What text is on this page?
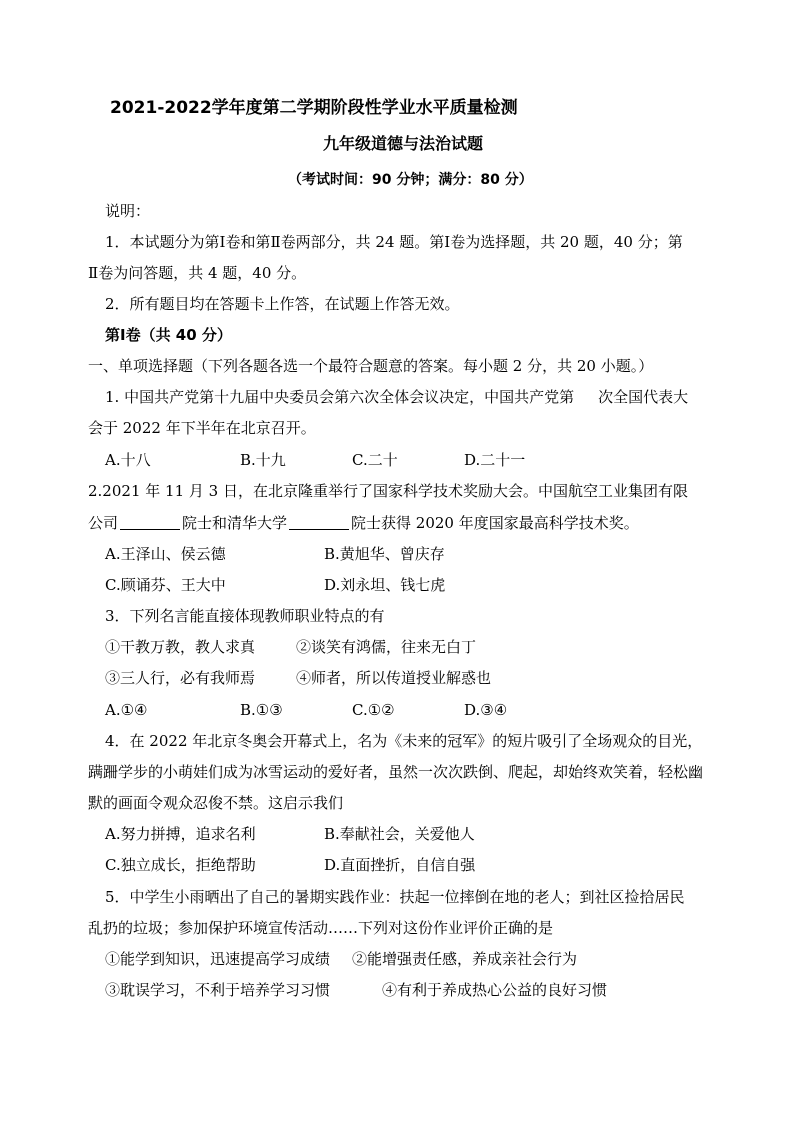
2021-2022学年度第二学期阶段性学业水平质量检测
九年级道德与法治试题
（考试时间：90 分钟；满分：80 分）
说明：
1．本试题分为第Ⅰ卷和第Ⅱ卷两部分，共 24 题。第Ⅰ卷为选择题，共 20 题，40 分；第
Ⅱ卷为问答题，共 4 题，40 分。
2．所有题目均在答题卡上作答，在试题上作答无效。
第Ⅰ卷（共 40 分）
一、单项选择题（下列各题各选一个最符合题意的答案。每小题 2 分，共 20 小题。）
1. 中国共产党第十九届中央委员会第六次全体会议决定，中国共产党第 次全国代表大
会于 2022 年下半年在北京召开。
A.十八	B.十九	C.二十	D.二十一
2.2021 年 11 月 3 日，在北京隆重举行了国家科学技术奖励大会。中国航空工业集团有限
公司	院士和清华大学	院士获得 2020 年度国家最高科学技术奖。
A.王泽山、侯云德	B.黄旭华、曾庆存
C.顾诵芬、王大中	D.刘永坦、钱七虎
3．下列名言能直接体现教师职业特点的有
①干教万教，教人求真	②谈笑有鸿儒，往来无白丁
③三人行，必有我师焉	④师者，所以传道授业解惑也
A.①④	B.①③	C.①②	D.③④
4．在 2022 年北京冬奥会开幕式上，名为《未来的冠军》的短片吸引了全场观众的目光，
蹒跚学步的小萌娃们成为冰雪运动的爱好者，虽然一次次跌倒、爬起，却始终欢笑着，轻松幽
默的画面令观众忍俊不禁。这启示我们
A.努力拼搏，追求名利	B.奉献社会，关爱他人
C.独立成长，拒绝帮助	D.直面挫折，自信自强
5．中学生小雨晒出了自己的暑期实践作业：扶起一位摔倒在地的老人；到社区捡拾居民
乱扔的垃圾；参加保护环境宣传活动……下列对这份作业评价正确的是
①能学到知识，迅速提高学习成绩 ②能增强责任感，养成亲社会行为
③耽误学习，不利于培养学习习惯	④有利于养成热心公益的良好习惯
